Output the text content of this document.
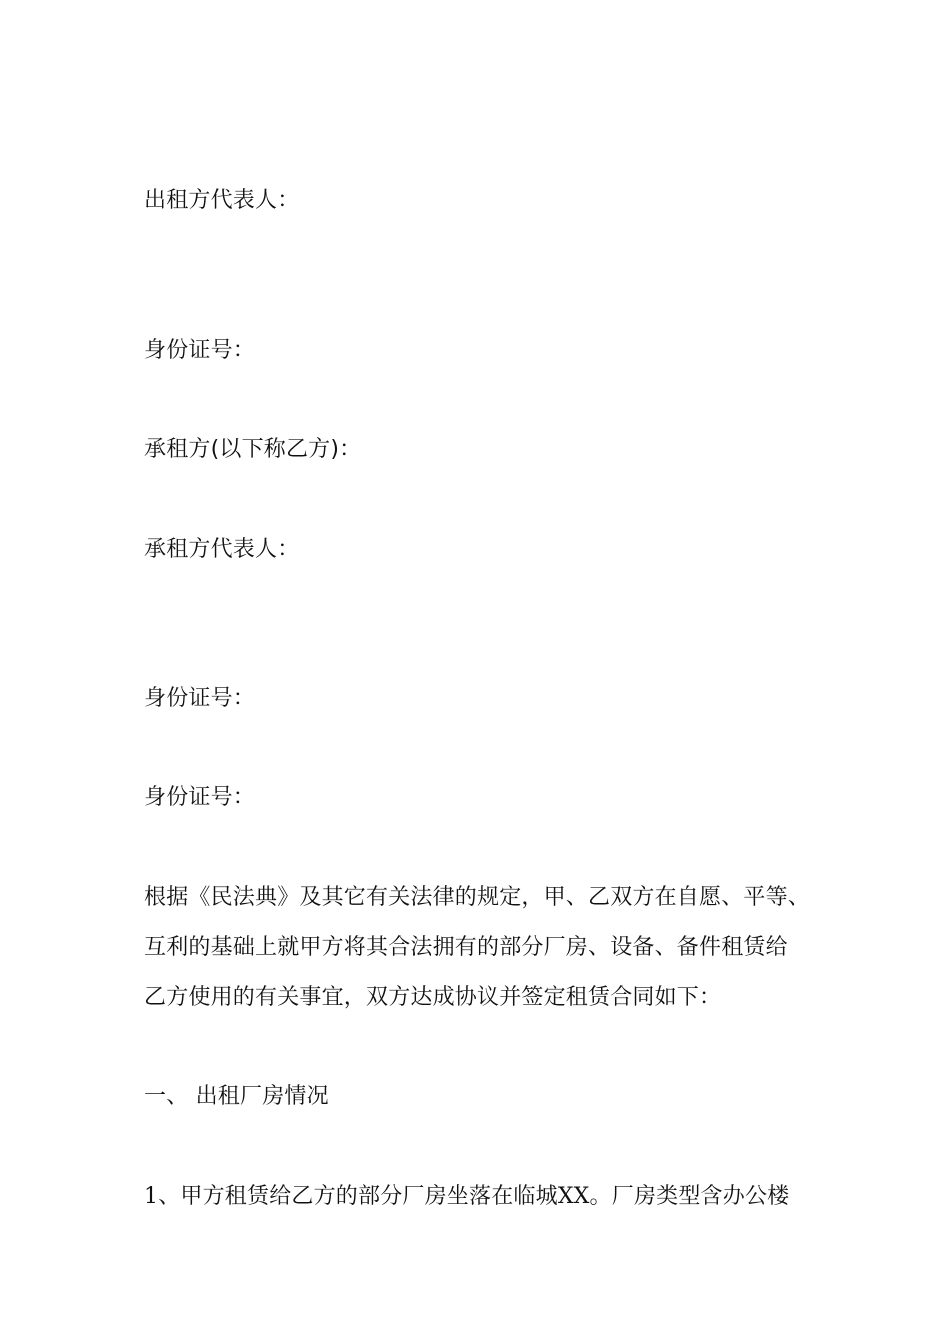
出租方代表人：
身份证号：
承租方(以下称乙方)：
承租方代表人：
身份证号：
身份证号：
根据《民法典》及其它有关法律的规定，甲、乙双方在自愿、平等、
互利的基础上就甲方将其合法拥有的部分厂房、设备、备件租赁给
乙方使用的有关事宜，双方达成协议并签定租赁合同如下：
一、 出租厂房情况
1、甲方租赁给乙方的部分厂房坐落在临城XX。厂房类型含办公楼
